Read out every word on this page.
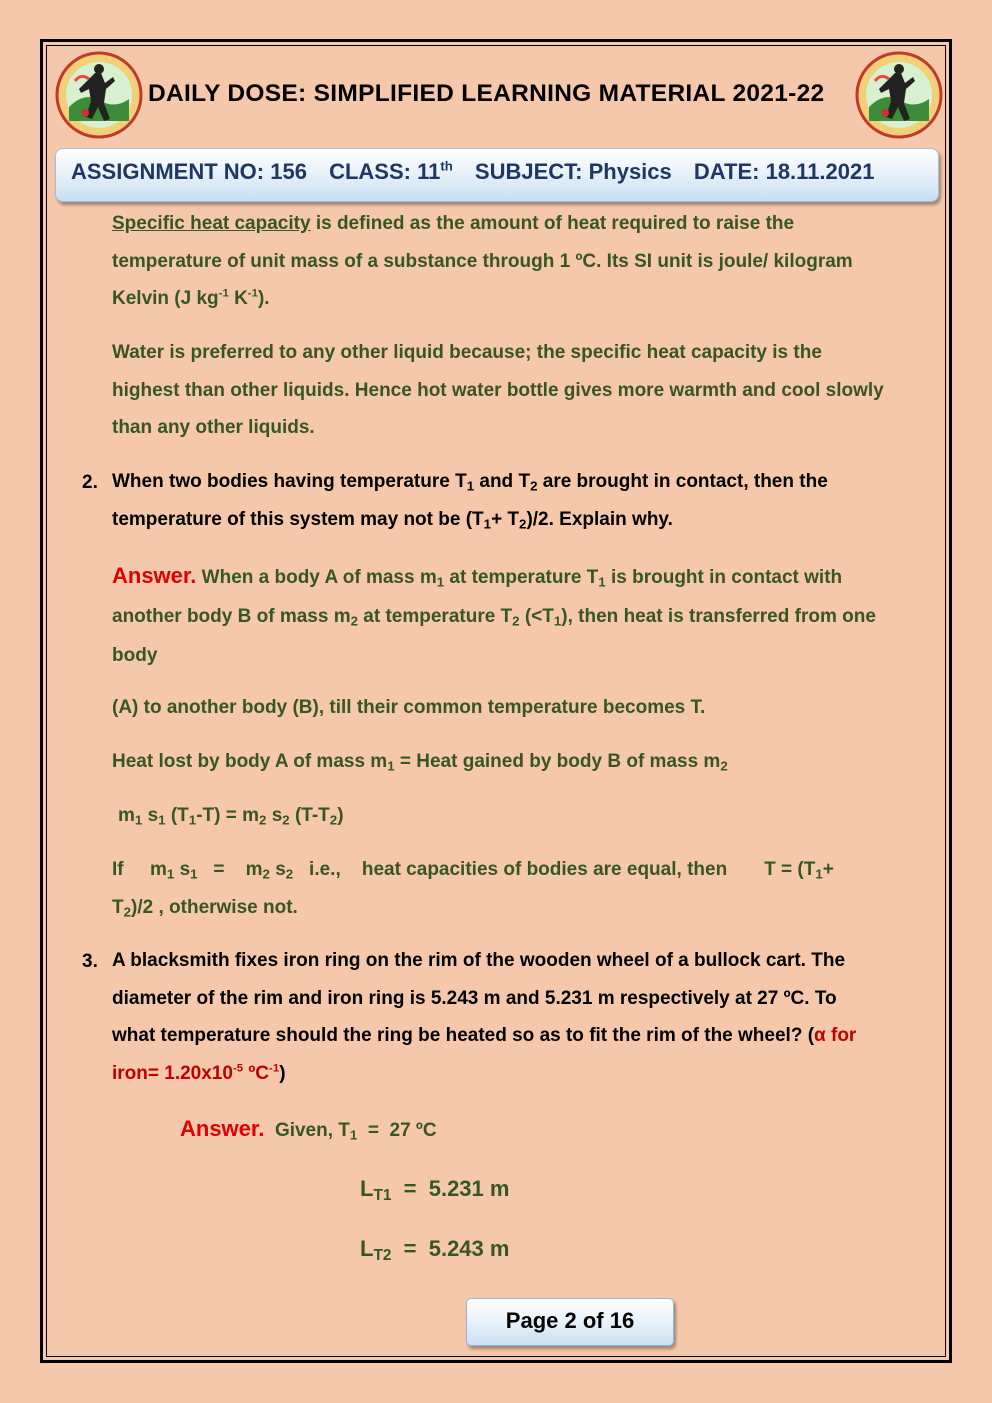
DAILY DOSE: SIMPLIFIED LEARNING MATERIAL 2021-22
ASSIGNMENT NO: 156 CLASS: 11th SUBJECT: Physics DATE: 18.11.2021
Specific heat capacity is defined as the amount of heat required to raise the temperature of unit mass of a substance through 1 ºC. Its SI unit is joule/ kilogram Kelvin (J $kg^{-1}$ $K^{-1}$).
Water is preferred to any other liquid because; the specific heat capacity is the highest than other liquids. Hence hot water bottle gives more warmth and cool slowly than any other liquids.
2. When two bodies having temperature $T_1$ and $T_2$ are brought in contact, then the temperature of this system may not be $(T_1+ T_2)/2$. Explain why.
Answer. When a body A of mass $m_1$ at temperature $T_1$ is brought in contact with another body B of mass $m_2$ at temperature $T_2$ $(<T_1)$, then heat is transferred from one body
(A) to another body (B), till their common temperature becomes T.
Heat lost by body A of mass $m_1$ = Heat gained by body B of mass $m_2$
$m_1$ $s_1$ $(T_1-T) = m_2$ $s_2$ $(T-T_2)$
If     $m_1$ $s_1$   =    $m_2$ $s_2$   i.e.,    heat capacities of bodies are equal, then       $T = (T_1+ T_2)/2$ , otherwise not.
3. A blacksmith fixes iron ring on the rim of the wooden wheel of a bullock cart. The diameter of the rim and iron ring is 5.243 m and 5.231 m respectively at 27 ºC. To what temperature should the ring be heated so as to fit the rim of the wheel? (α for iron= $1.20x10^{-5}$ ºC$^{-1}$)
Answer. Given, $T_1 = 27$ ºC
$L_{T1} = 5.231$ m
$L_{T2} = 5.243$ m
Page 2 of 16
